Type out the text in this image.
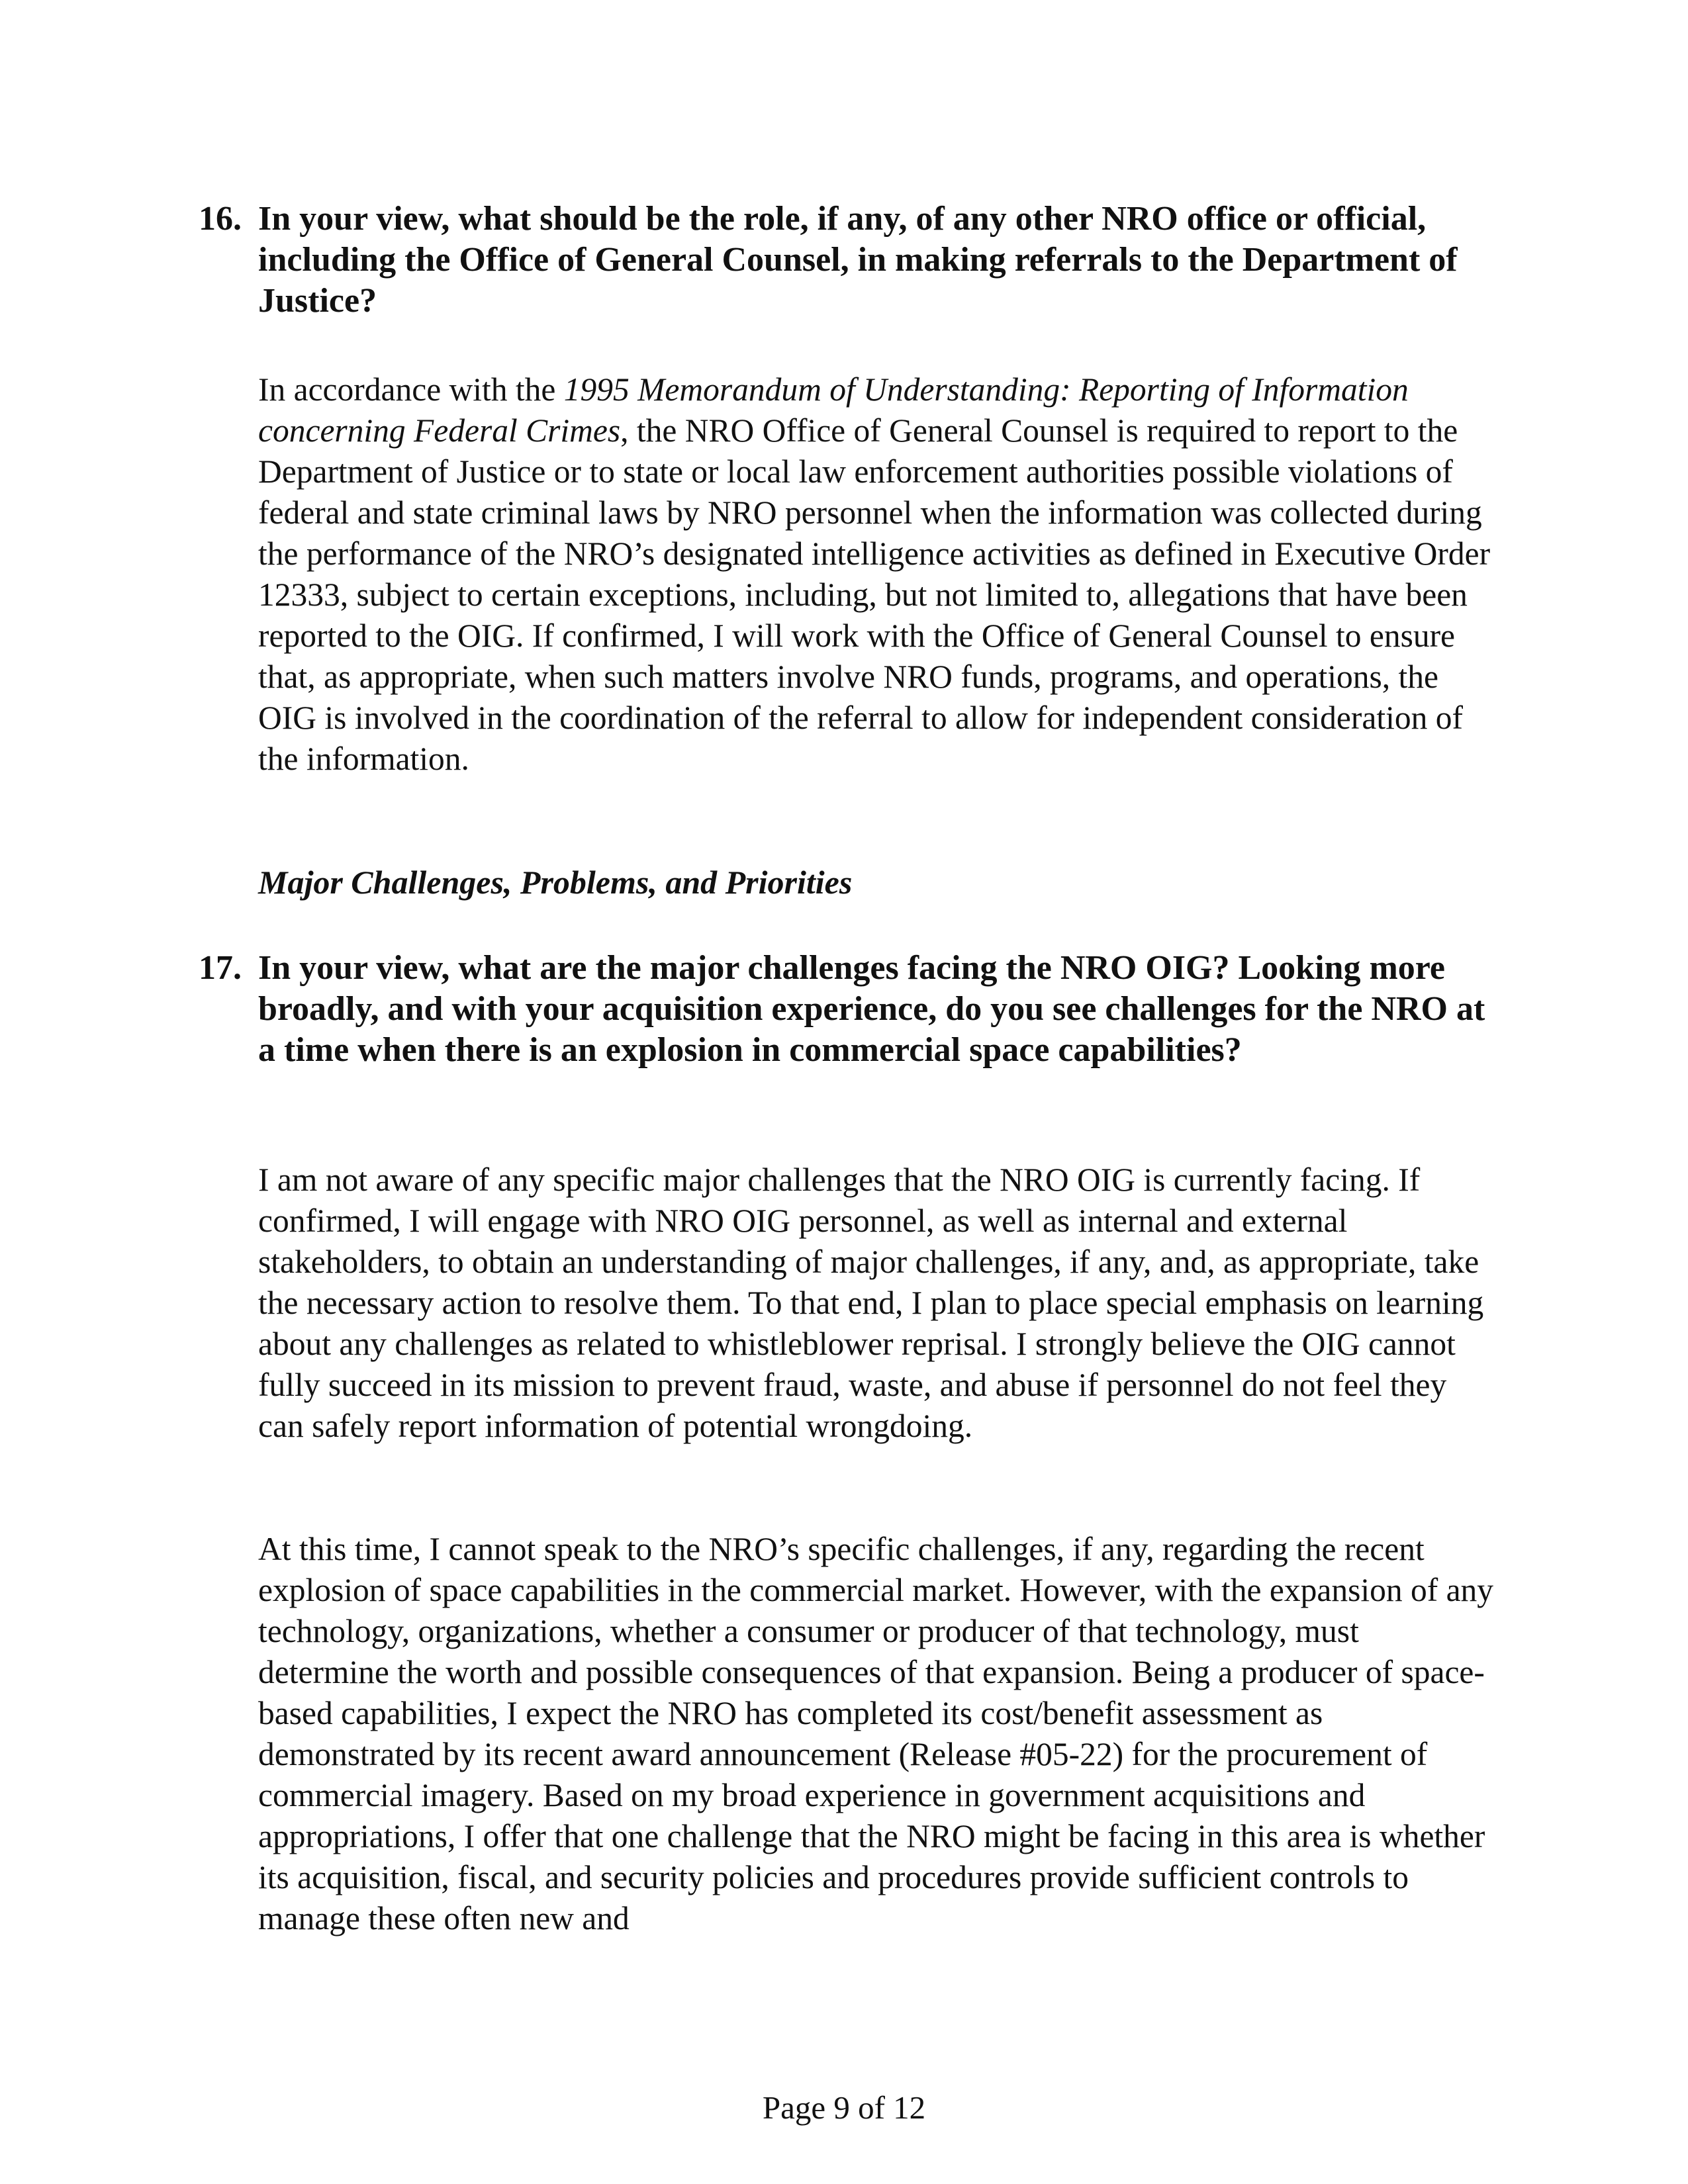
16. In your view, what should be the role, if any, of any other NRO office or official, including the Office of General Counsel, in making referrals to the Department of Justice?
In accordance with the 1995 Memorandum of Understanding: Reporting of Information concerning Federal Crimes, the NRO Office of General Counsel is required to report to the Department of Justice or to state or local law enforcement authorities possible violations of federal and state criminal laws by NRO personnel when the information was collected during the performance of the NRO’s designated intelligence activities as defined in Executive Order 12333, subject to certain exceptions, including, but not limited to, allegations that have been reported to the OIG. If confirmed, I will work with the Office of General Counsel to ensure that, as appropriate, when such matters involve NRO funds, programs, and operations, the OIG is involved in the coordination of the referral to allow for independent consideration of the information.
Major Challenges, Problems, and Priorities
17. In your view, what are the major challenges facing the NRO OIG? Looking more broadly, and with your acquisition experience, do you see challenges for the NRO at a time when there is an explosion in commercial space capabilities?
I am not aware of any specific major challenges that the NRO OIG is currently facing. If confirmed, I will engage with NRO OIG personnel, as well as internal and external stakeholders, to obtain an understanding of major challenges, if any, and, as appropriate, take the necessary action to resolve them. To that end, I plan to place special emphasis on learning about any challenges as related to whistleblower reprisal. I strongly believe the OIG cannot fully succeed in its mission to prevent fraud, waste, and abuse if personnel do not feel they can safely report information of potential wrongdoing.
At this time, I cannot speak to the NRO’s specific challenges, if any, regarding the recent explosion of space capabilities in the commercial market. However, with the expansion of any technology, organizations, whether a consumer or producer of that technology, must determine the worth and possible consequences of that expansion. Being a producer of space-based capabilities, I expect the NRO has completed its cost/benefit assessment as demonstrated by its recent award announcement (Release #05-22) for the procurement of commercial imagery. Based on my broad experience in government acquisitions and appropriations, I offer that one challenge that the NRO might be facing in this area is whether its acquisition, fiscal, and security policies and procedures provide sufficient controls to manage these often new and
Page 9 of 12
